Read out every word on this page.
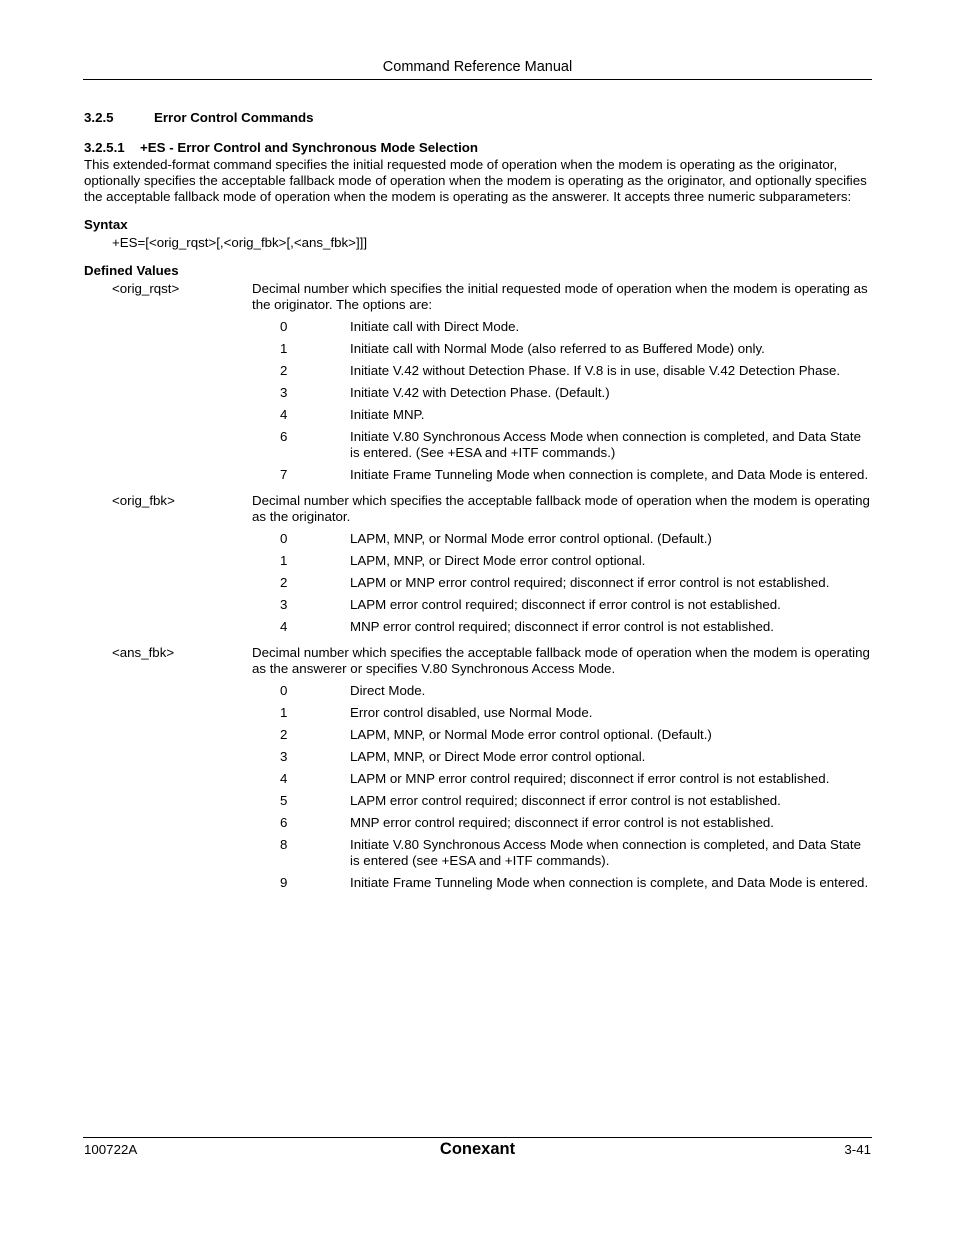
Command Reference Manual

3.2.5	Error Control Commands

3.2.5.1 +ES - Error Control and Synchronous Mode Selection

This extended-format command specifies the initial requested mode of operation when the modem is operating as the originator, optionally specifies the acceptable fallback mode of operation when the modem is operating as the originator, and optionally specifies the acceptable fallback mode of operation when the modem is operating as the answerer. It accepts three numeric subparameters:

Syntax

+ES=[<orig_rqst>[,<orig_fbk>[,<ans_fbk>]]]

Defined Values

<orig_rqst>	Decimal number which specifies the initial requested mode of operation when the modem is operating as the originator. The options are:
0	Initiate call with Direct Mode.
1	Initiate call with Normal Mode (also referred to as Buffered Mode) only.
2	Initiate V.42 without Detection Phase. If V.8 is in use, disable V.42 Detection Phase.
3	Initiate V.42 with Detection Phase. (Default.)
4	Initiate MNP.
6	Initiate V.80 Synchronous Access Mode when connection is completed, and Data State is entered. (See +ESA and +ITF commands.)
7	Initiate Frame Tunneling Mode when connection is complete, and Data Mode is entered.
<orig_fbk>	Decimal number which specifies the acceptable fallback mode of operation when the modem is operating as the originator.
0	LAPM, MNP, or Normal Mode error control optional. (Default.)
1	LAPM, MNP, or Direct Mode error control optional.
2	LAPM or MNP error control required; disconnect if error control is not established.
3	LAPM error control required; disconnect if error control is not established.
4	MNP error control required; disconnect if error control is not established.
<ans_fbk>	Decimal number which specifies the acceptable fallback mode of operation when the modem is operating as the answerer or specifies V.80 Synchronous Access Mode.
0	Direct Mode.
1	Error control disabled, use Normal Mode.
2	LAPM, MNP, or Normal Mode error control optional. (Default.)
3	LAPM, MNP, or Direct Mode error control optional.
4	LAPM or MNP error control required; disconnect if error control is not established.
5	LAPM error control required; disconnect if error control is not established.
6	MNP error control required; disconnect if error control is not established.
8	Initiate V.80 Synchronous Access Mode when connection is completed, and Data State is entered (see +ESA and +ITF commands).
9	Initiate Frame Tunneling Mode when connection is complete, and Data Mode is entered.
100722A	Conexant	3-41
